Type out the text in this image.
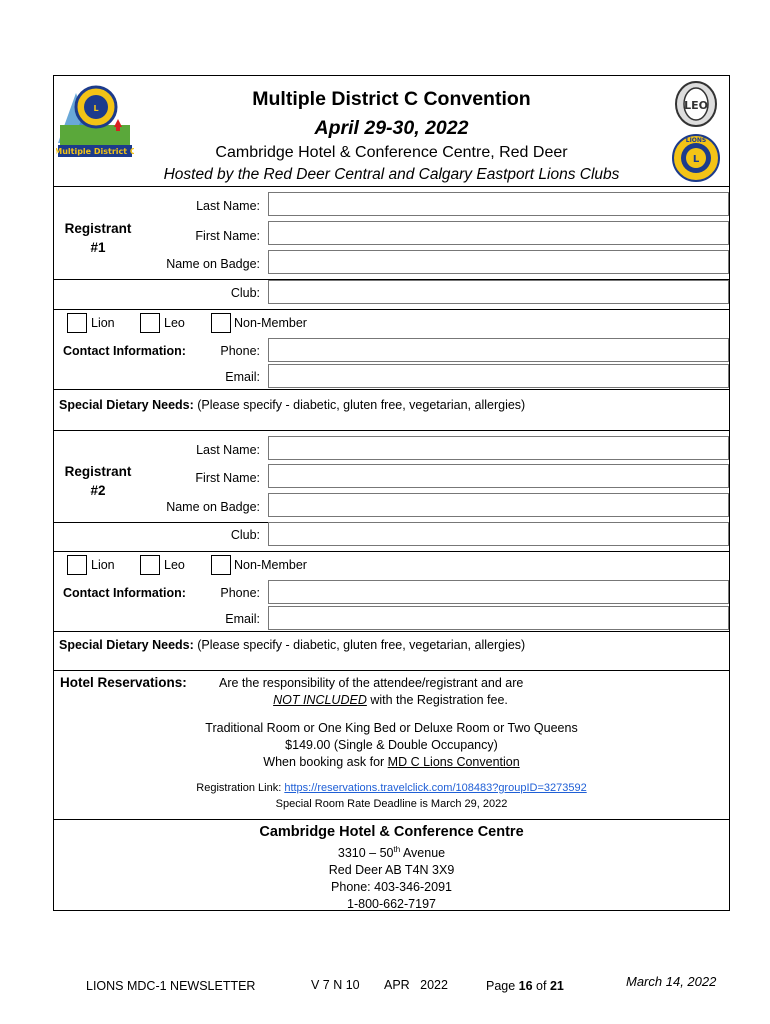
L
Multiple District C
Multiple District C Convention
April 29-30, 2022
Cambridge Hotel & Conference Centre, Red Deer
Hosted by the Red Deer Central and Calgary Eastport Lions Clubs
LEO
L
LIONS
Registrant
#1
Last Name:
First Name:
Name on Badge:
Club:
Lion	Leo	Non-Member
Contact Information:	Phone:
Email:
Special Dietary Needs: (Please specify - diabetic, gluten free, vegetarian, allergies)
Registrant
#2
Last Name:
First Name:
Name on Badge:
Club:
Lion	Leo	Non-Member
Contact Information:	Phone:
Email:
Special Dietary Needs: (Please specify - diabetic, gluten free, vegetarian, allergies)
Hotel Reservations:	Are the responsibility of the attendee/registrant and are
NOT INCLUDED with the Registration fee.
Traditional Room or One King Bed or Deluxe Room or Two Queens
$149.00 (Single & Double Occupancy)
When booking ask for MD C Lions Convention
Registration Link: https://reservations.travelclick.com/108483?groupID=3273592
Special Room Rate Deadline is March 29, 2022
Cambridge Hotel & Conference Centre
3310 – 50th Avenue
Red Deer AB T4N 3X9
Phone: 403-346-2091
1-800-662-7197
LIONS MDC-1 NEWSLETTER	V 7 N 10 APR   2022	Page 16 of 21	March 14, 2022
